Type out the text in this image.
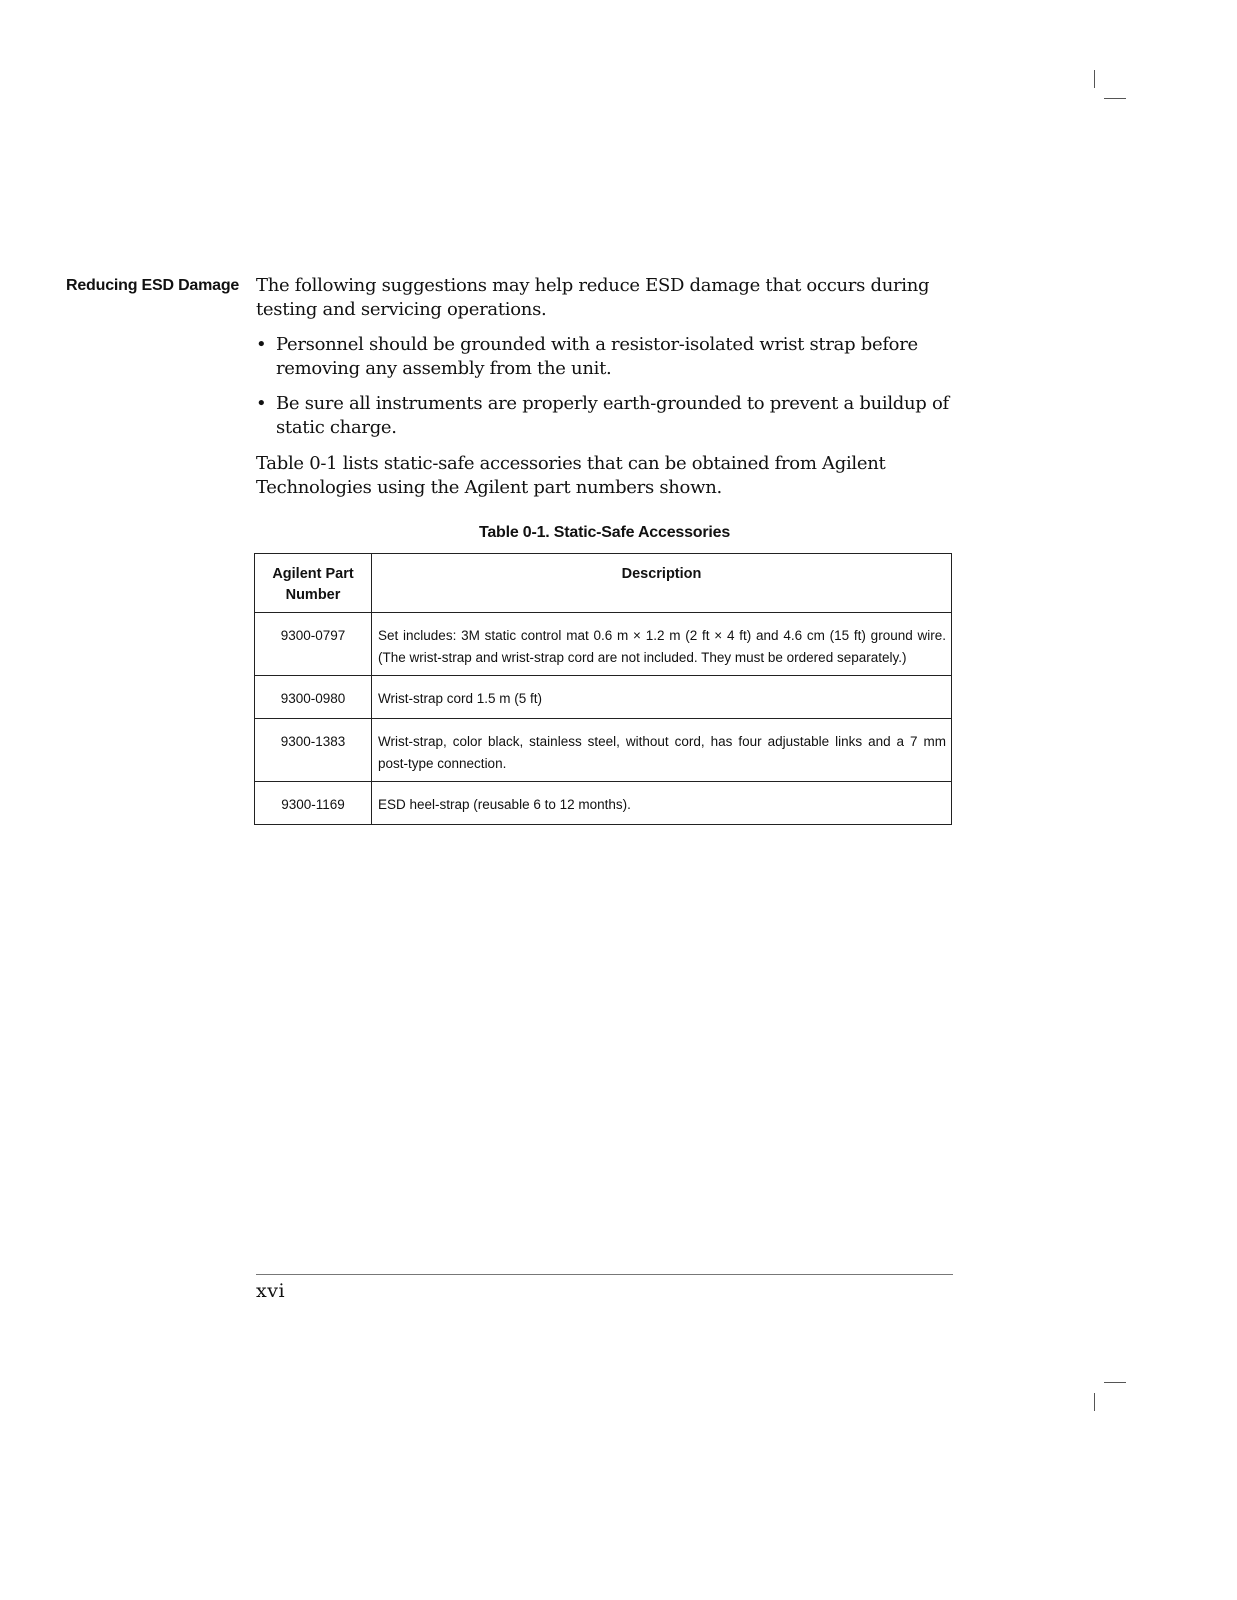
Reducing ESD Damage The following suggestions may help reduce ESD damage that occurs during testing and servicing operations.

• Personnel should be grounded with a resistor-isolated wrist strap before removing any assembly from the unit.
• Be sure all instruments are properly earth-grounded to prevent a buildup of static charge.

Table 0-1 lists static-safe accessories that can be obtained from Agilent Technologies using the Agilent part numbers shown.

Table 0-1. Static-Safe Accessories
Agilent Part Number	Description
9300-0797	Set includes: 3M static control mat 0.6 m × 1.2 m (2 ft × 4 ft) and 4.6 cm (15 ft) ground wire. (The wrist-strap and wrist-strap cord are not included. They must be ordered separately.)
9300-0980	Wrist-strap cord 1.5 m (5 ft)
9300-1383	Wrist-strap, color black, stainless steel, without cord, has four adjustable links and a 7 mm post-type connection.
9300-1169	ESD heel-strap (reusable 6 to 12 months).
xvi
